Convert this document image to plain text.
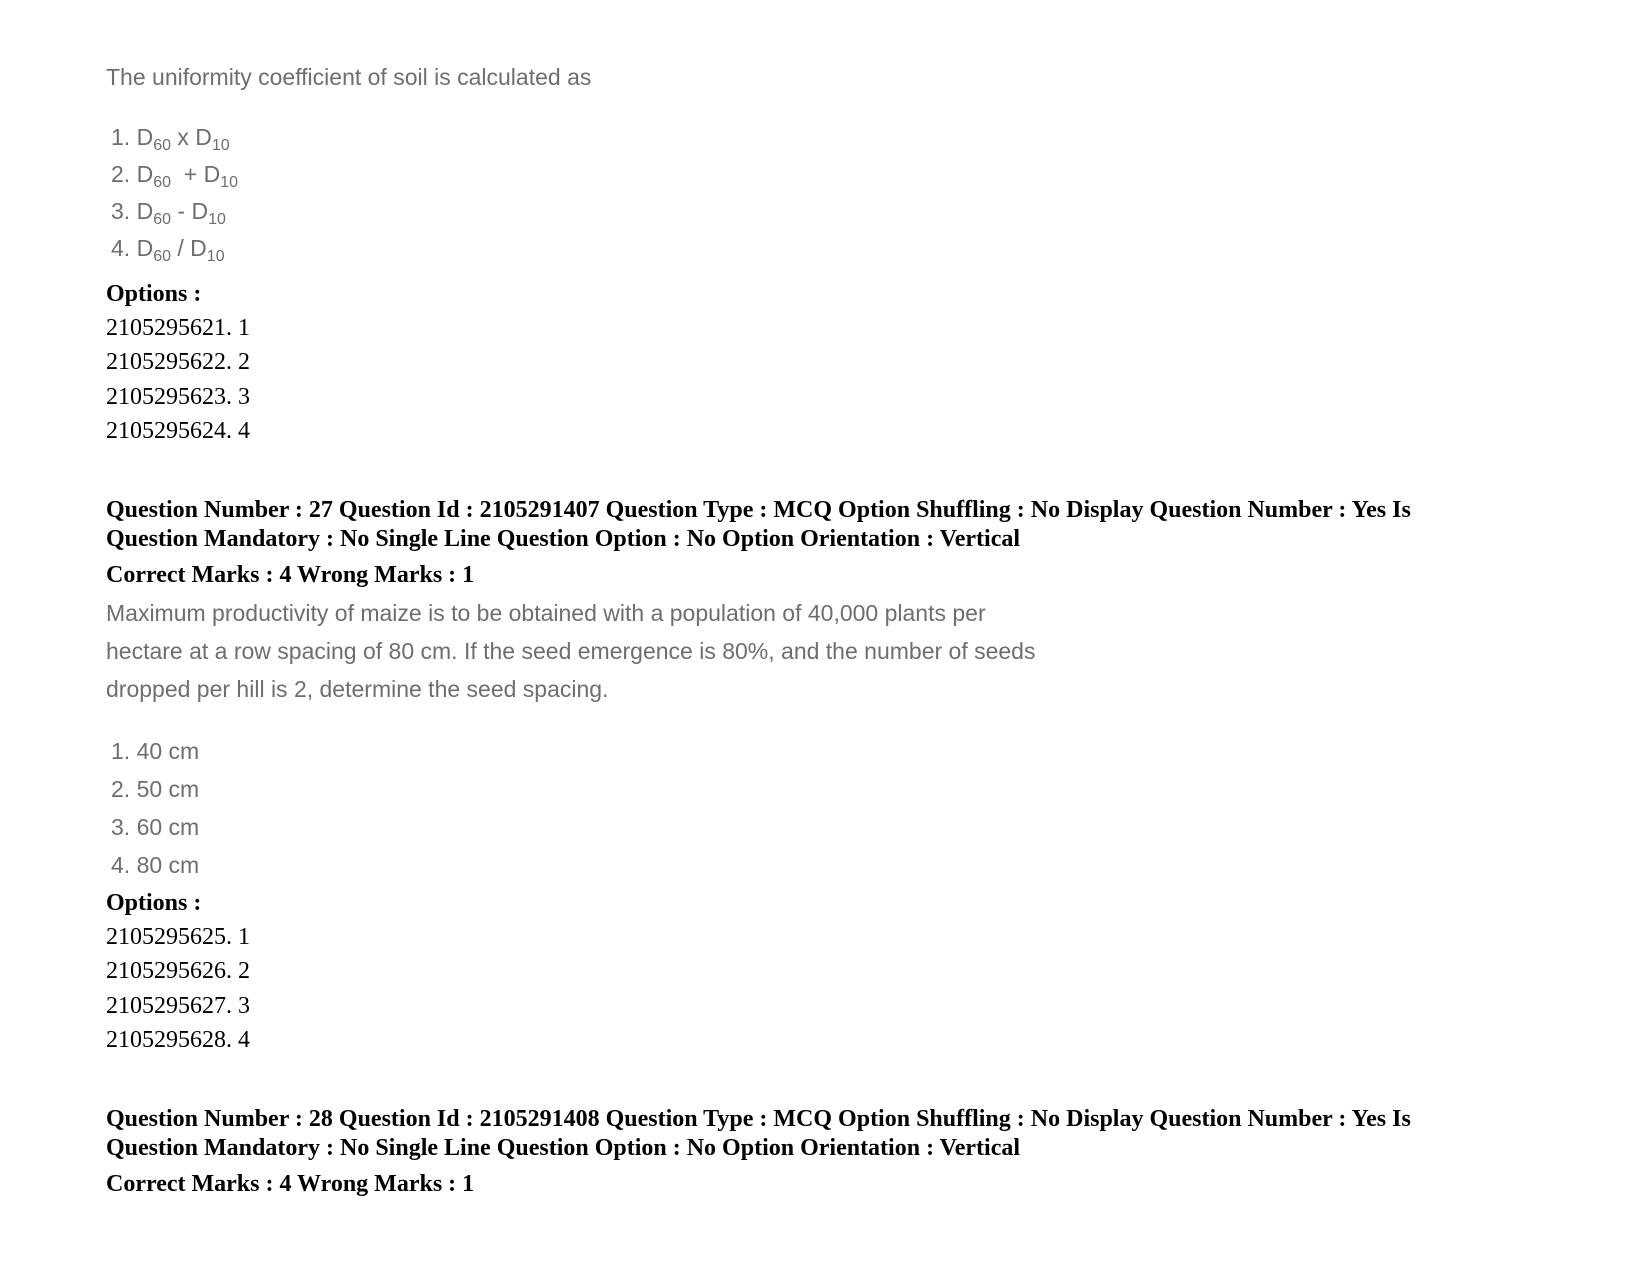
The uniformity coefficient of soil is calculated as
1. $D_{60}$ x $D_{10}$
2. $D_{60} + D_{10}$
3. $D_{60} - D_{10}$
4. $D_{60} / D_{10}$
Options :
2105295621. 1
2105295622. 2
2105295623. 3
2105295624. 4
Question Number : 27 Question Id : 2105291407 Question Type : MCQ Option Shuffling : No Display Question Number : Yes Is
Question Mandatory : No Single Line Question Option : No Option Orientation : Vertical
Correct Marks : 4 Wrong Marks : 1
Maximum productivity of maize is to be obtained with a population of 40,000 plants per
hectare at a row spacing of 80 cm. If the seed emergence is 80%, and the number of seeds
dropped per hill is 2, determine the seed spacing.
1. 40 cm
2. 50 cm
3. 60 cm
4. 80 cm
Options :
2105295625. 1
2105295626. 2
2105295627. 3
2105295628. 4
Question Number : 28 Question Id : 2105291408 Question Type : MCQ Option Shuffling : No Display Question Number : Yes Is
Question Mandatory : No Single Line Question Option : No Option Orientation : Vertical
Correct Marks : 4 Wrong Marks : 1
